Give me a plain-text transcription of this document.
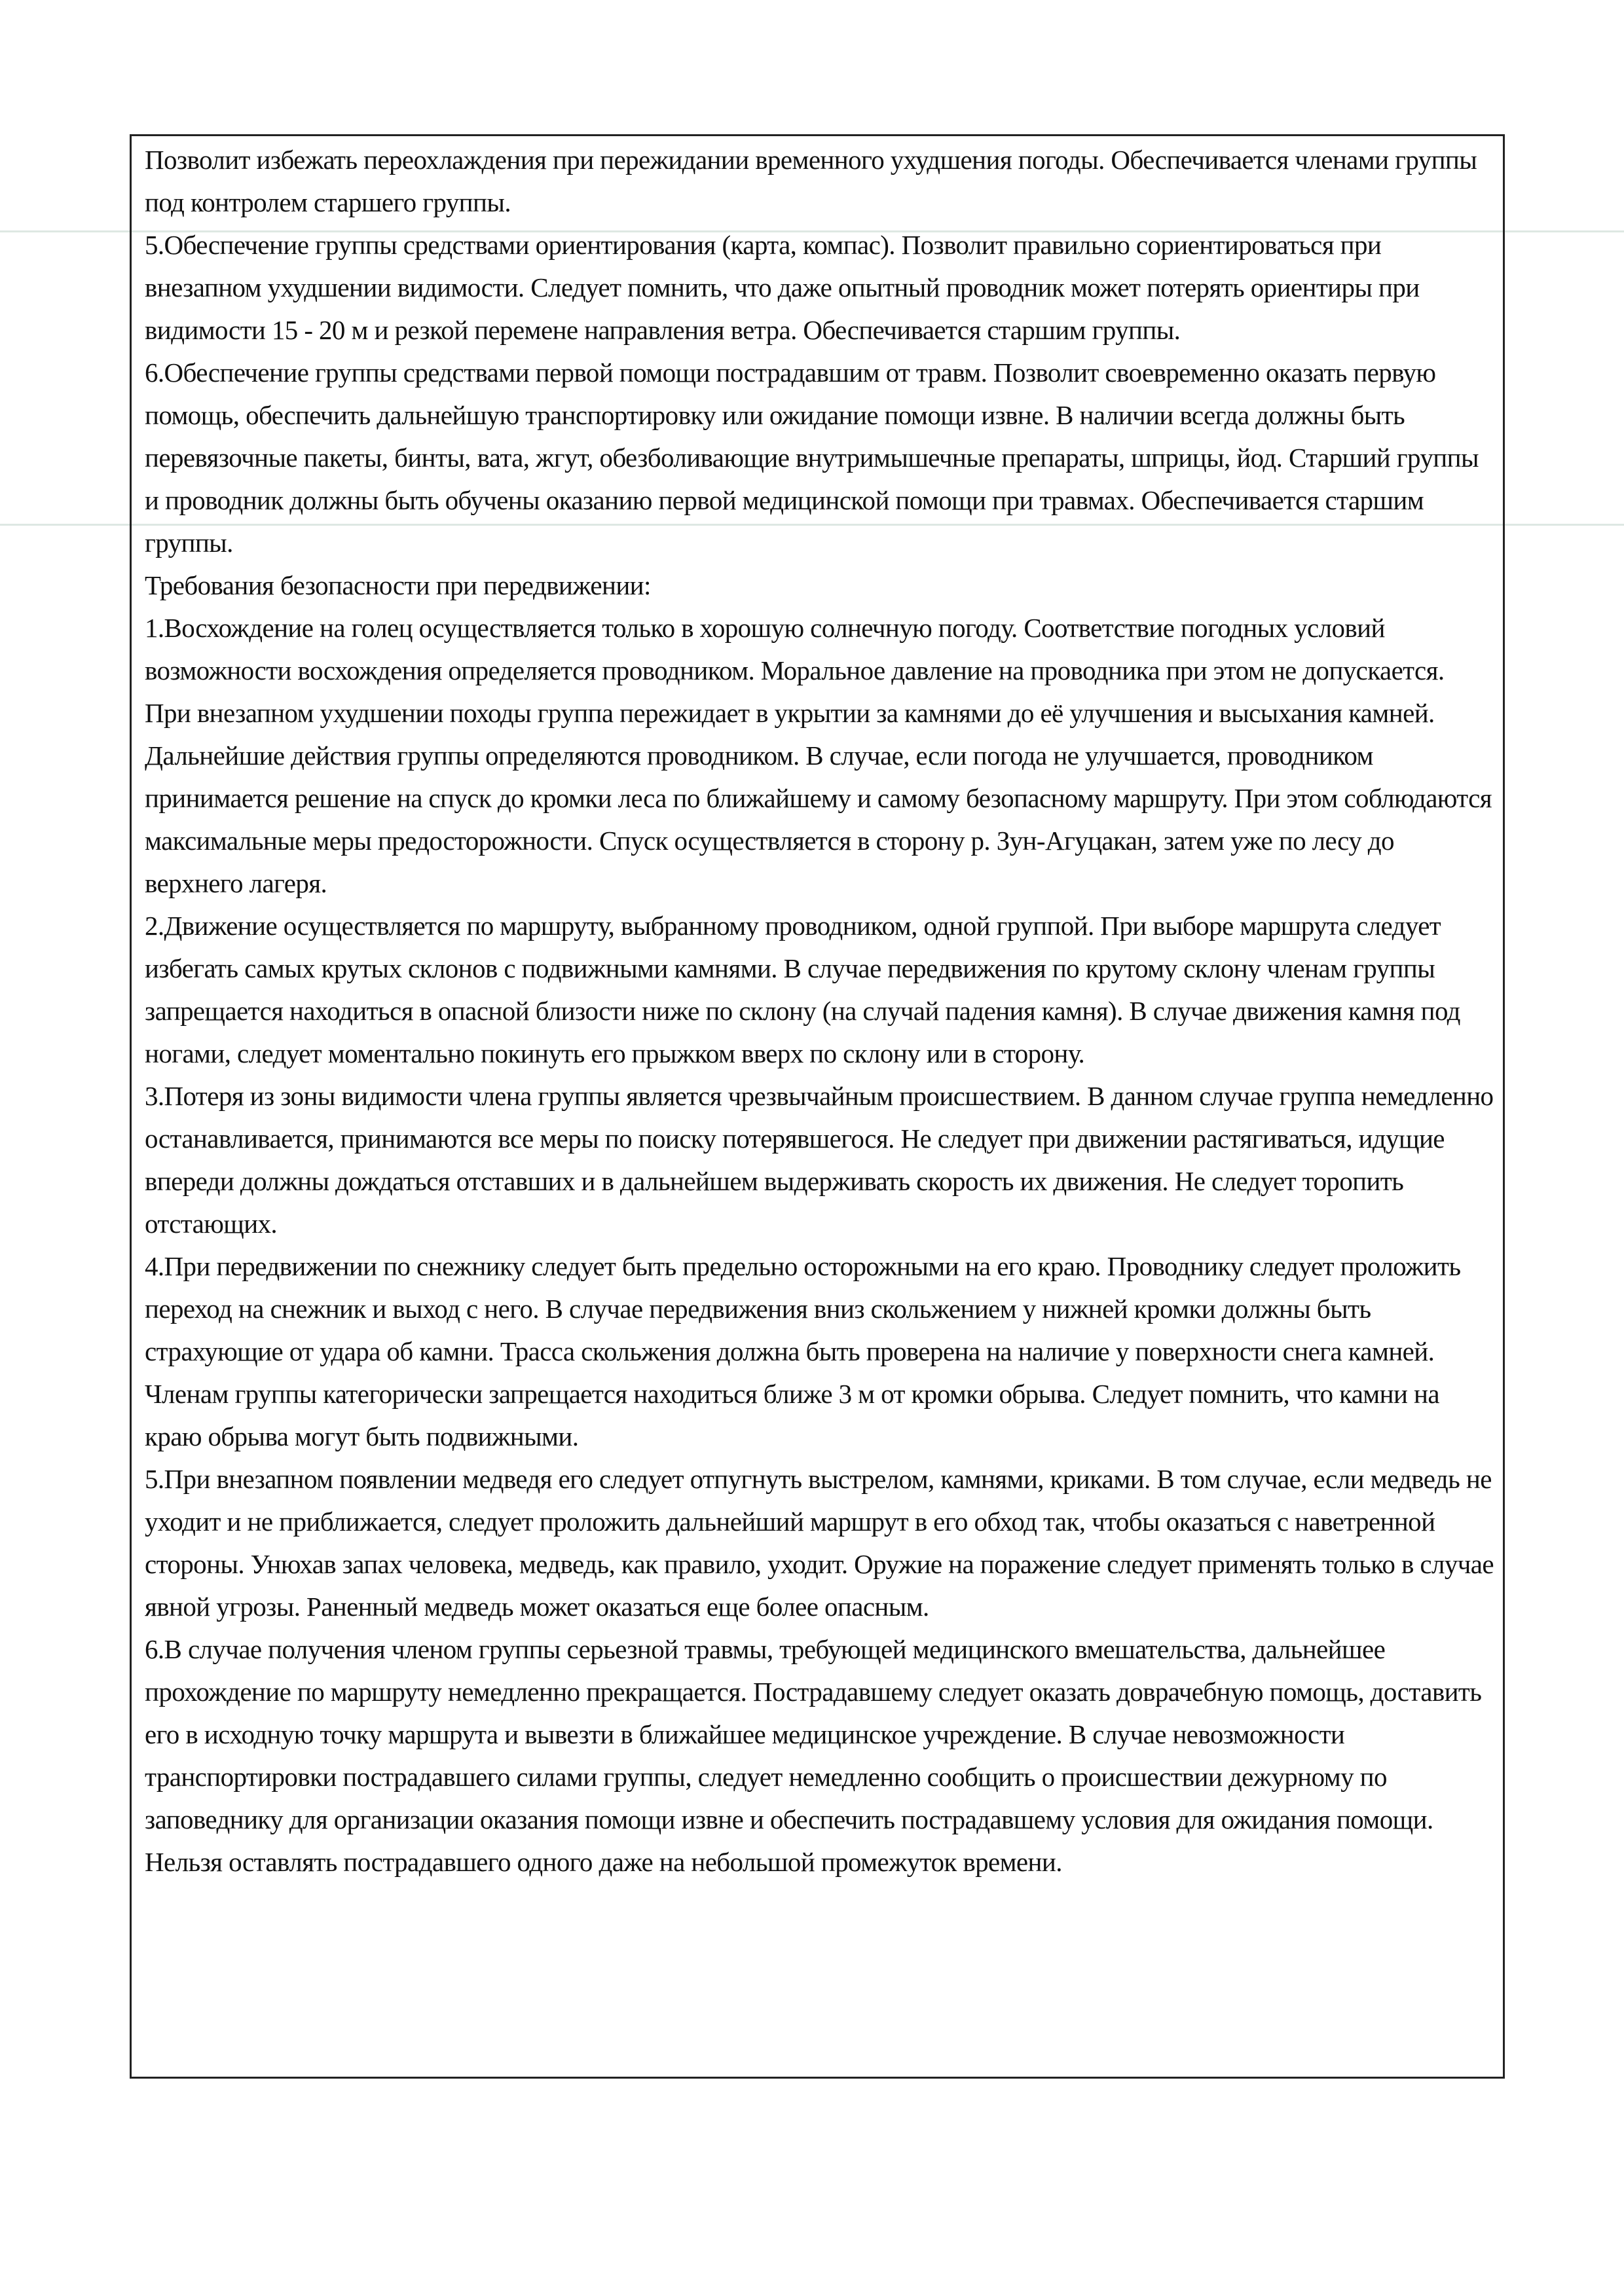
Позволит избежать переохлаждения при пережидании временного ухудшения погоды. Обеспечивается членами группы под контролем старшего группы.

5.Обеспечение группы средствами ориентирования (карта, компас). Позволит правильно сориентироваться при внезапном ухудшении видимости. Следует помнить, что даже опытный проводник может потерять ориентиры при видимости 15 - 20 м и резкой перемене направления ветра. Обеспечивается старшим группы.

6.Обеспечение группы средствами первой помощи пострадавшим от травм. Позволит своевременно оказать первую помощь, обеспечить дальнейшую транспортировку или ожидание помощи извне. В наличии всегда должны быть перевязочные пакеты, бинты, вата, жгут, обезболивающие внутримышечные препараты, шприцы, йод. Старший группы и проводник должны быть обучены оказанию первой медицинской помощи при травмах. Обеспечивается старшим группы.

Требования безопасности при передвижении:

1.Восхождение на голец осуществляется только в хорошую солнечную погоду. Соответствие погодных условий возможности восхождения определяется проводником. Моральное давление на проводника при этом не допускается. При внезапном ухудшении походы группа пережидает в укрытии за камнями до её улучшения и высыхания камней. Дальнейшие действия группы определяются проводником. В случае, если погода не улучшается, проводником принимается решение на спуск до кромки леса по ближайшему и самому безопасному маршруту. При этом соблюдаются максимальные меры предосторожности. Спуск осуществляется в сторону р. Зун-Агуцакан, затем уже по лесу до верхнего лагеря.

2.Движение осуществляется по маршруту, выбранному проводником, одной группой. При выборе маршрута следует избегать самых крутых склонов с подвижными камнями. В случае передвижения по крутому склону членам группы запрещается находиться в опасной близости ниже по склону (на случай падения камня). В случае движения камня под ногами, следует моментально покинуть его прыжком вверх по склону или в сторону.

3.Потеря из зоны видимости члена группы является чрезвычайным происшествием. В данном случае группа немедленно останавливается, принимаются все меры по поиску потерявшегося. Не следует при движении растягиваться, идущие впереди должны дождаться отставших и в дальнейшем выдерживать скорость их движения. Не следует торопить отстающих.

4.При передвижении по снежнику следует быть предельно осторожными на его краю. Проводнику следует проложить переход на снежник и выход с него. В случае передвижения вниз скольжением у нижней кромки должны быть страхующие от удара об камни. Трасса скольжения должна быть проверена на наличие у поверхности снега камней. Членам группы категорически запрещается находиться ближе 3 м от кромки обрыва. Следует помнить, что камни на краю обрыва могут быть подвижными.

5.При внезапном появлении медведя его следует отпугнуть выстрелом, камнями, криками. В том случае, если медведь не уходит и не приближается, следует проложить дальнейший маршрут в его обход так, чтобы оказаться с наветренной стороны. Унюхав запах человека, медведь, как правило, уходит. Оружие на поражение следует применять только в случае явной угрозы. Раненный медведь может оказаться еще более опасным.

6.В случае получения членом группы серьезной травмы, требующей медицинского вмешательства, дальнейшее прохождение по маршруту немедленно прекращается. Пострадавшему следует оказать доврачебную помощь, доставить его в исходную точку маршрута и вывезти в ближайшее медицинское учреждение. В случае невозможности транспортировки пострадавшего силами группы, следует немедленно сообщить о происшествии дежурному по заповеднику для организации оказания помощи извне и обеспечить пострадавшему условия для ожидания помощи. Нельзя оставлять пострадавшего одного даже на небольшой промежуток времени.
